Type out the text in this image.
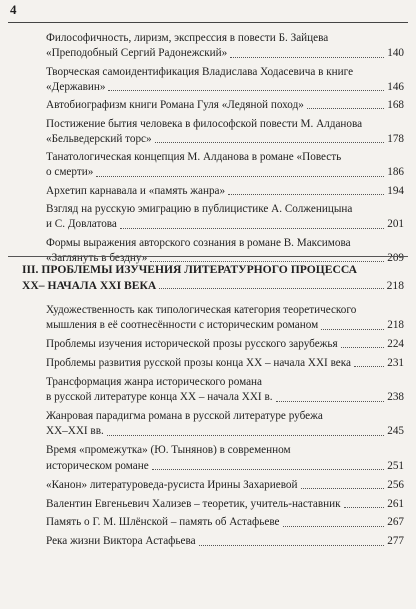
4
Философичность, лиризм, экспрессия в повести Б. Зайцева
«Преподобный Сергий Радонежский»	140
Творческая самоидентификация Владислава Ходасевича в книге
«Державин»	146
Автобиографизм книги Романа Гуля «Ледяной поход»	168
Постижение бытия человека в философской повести М. Алданова
«Бельведерский торс»	178
Танатологическая концепция М. Алданова в романе «Повесть
о смерти»	186
Архетип карнавала и «память жанра»	194
Взгляд на русскую эмиграцию в публицистике А. Солженицына
и С. Довлатова	201
Формы выражения авторского сознания в романе В. Максимова
«Заглянуть в бездну»	209
III. ПРОБЛЕМЫ ИЗУЧЕНИЯ ЛИТЕРАТУРНОГО ПРОЦЕССА
XX– НАЧАЛА XXI ВЕКА	218
Художественность как типологическая категория теоретического
мышления в её соотнесённости с историческим романом	218
Проблемы изучения исторической прозы русского зарубежья	224
Проблемы развития русской прозы конца XX – начала XXI века	231
Трансформация жанра исторического романа
в русской литературе конца XX – начала XXI в.	238
Жанровая парадигма романа в русской литературе рубежа
XX–XXI вв.	245
Время «промежутка» (Ю. Тынянов) в современном
историческом романе	251
«Канон» литературоведа-русиста Ирины Захариевой	256
Валентин Евгеньевич Хализев – теоретик, учитель-наставник	261
Память о Г. М. Шлёнской – память об Астафьеве	267
Река жизни Виктора Астафьева	277
